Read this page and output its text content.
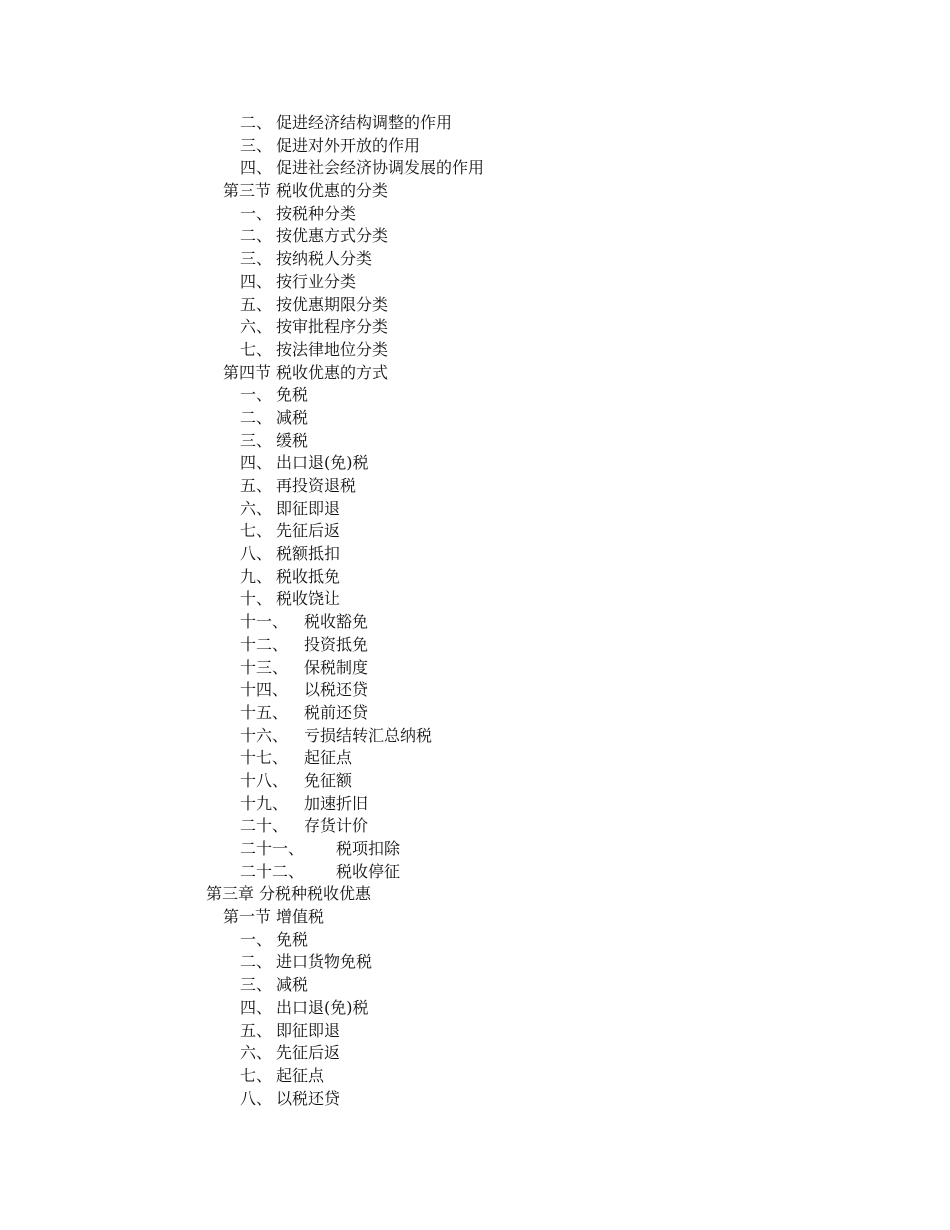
二、 促进经济结构调整的作用
三、 促进对外开放的作用
四、 促进社会经济协调发展的作用
第三节 税收优惠的分类
一、 按税种分类
二、 按优惠方式分类
三、 按纳税人分类
四、 按行业分类
五、 按优惠期限分类
六、 按审批程序分类
七、 按法律地位分类
第四节 税收优惠的方式
一、 免税
二、 减税
三、 缓税
四、 出口退(免)税
五、 再投资退税
六、 即征即退
七、 先征后返
八、 税额抵扣
九、 税收抵免
十、 税收饶让
十一、 税收豁免
十二、 投资抵免
十三、 保税制度
十四、 以税还贷
十五、 税前还贷
十六、 亏损结转汇总纳税
十七、 起征点
十八、 免征额
十九、 加速折旧
二十、 存货计价
二十一、 税项扣除
二十二、 税收停征
第三章 分税种税收优惠
第一节 增值税
一、 免税
二、 进口货物免税
三、 减税
四、 出口退(免)税
五、 即征即退
六、 先征后返
七、 起征点
八、 以税还贷
